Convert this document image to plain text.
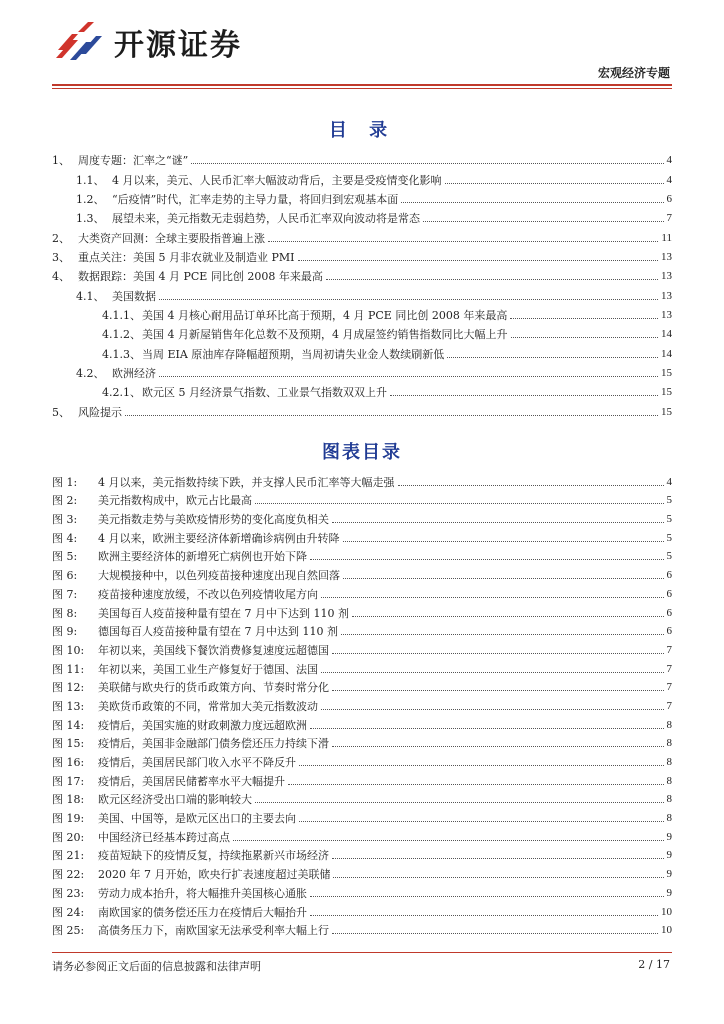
开源证券
宏观经济专题
目 录
1、 周度专题：汇率之“谜”	4
1.1、 4 月以来，美元、人民币汇率大幅波动背后，主要是受疫情变化影响	4
1.2、 “后疫情”时代，汇率走势的主导力量，将回归到宏观基本面	6
1.3、 展望未来，美元指数无走弱趋势，人民币汇率双向波动将是常态	7
2、 大类资产回测：全球主要股指普遍上涨	11
3、 重点关注：美国 5 月非农就业及制造业 PMI	13
4、 数据跟踪：美国 4 月 PCE 同比创 2008 年来最高	13
4.1、 美国数据	13
4.1.1、 美国 4 月核心耐用品订单环比高于预期，4 月 PCE 同比创 2008 年来最高	13
4.1.2、 美国 4 月新屋销售年化总数不及预期，4 月成屋签约销售指数同比大幅上升	14
4.1.3、 当周 EIA 原油库存降幅超预期，当周初请失业金人数续刷新低	14
4.2、 欧洲经济	15
4.2.1、 欧元区 5 月经济景气指数、工业景气指数双双上升	15
5、 风险提示	15
图表目录
图 1:	4 月以来，美元指数持续下跌，并支撑人民币汇率等大幅走强	4
图 2:	美元指数构成中，欧元占比最高	5
图 3:	美元指数走势与美欧疫情形势的变化高度负相关	5
图 4:	4 月以来，欧洲主要经济体新增确诊病例由升转降	5
图 5:	欧洲主要经济体的新增死亡病例也开始下降	5
图 6:	大规模接种中，以色列疫苗接种速度出现自然回落	6
图 7:	疫苗接种速度放缓，不改以色列疫情收尾方向	6
图 8:	美国每百人疫苗接种量有望在 7 月中下达到 110 剂	6
图 9:	德国每百人疫苗接种量有望在 7 月中达到 110 剂	6
图 10:	年初以来，美国线下餐饮消费修复速度远超德国	7
图 11:	年初以来，美国工业生产修复好于德国、法国	7
图 12:	美联储与欧央行的货币政策方向、节奏时常分化	7
图 13:	美欧货币政策的不同，常常加大美元指数波动	7
图 14:	疫情后，美国实施的财政刺激力度远超欧洲	8
图 15:	疫情后，美国非金融部门债务偿还压力持续下滑	8
图 16:	疫情后，美国居民部门收入水平不降反升	8
图 17:	疫情后，美国居民储蓄率水平大幅提升	8
图 18:	欧元区经济受出口端的影响较大	8
图 19:	美国、中国等，是欧元区出口的主要去向	8
图 20:	中国经济已经基本跨过高点	9
图 21:	疫苗短缺下的疫情反复，持续拖累新兴市场经济	9
图 22:	2020 年 7 月开始，欧央行扩表速度超过美联储	9
图 23:	劳动力成本抬升，将大幅推升美国核心通胀	9
图 24:	南欧国家的债务偿还压力在疫情后大幅抬升	10
图 25:	高债务压力下，南欧国家无法承受利率大幅上行	10
请务必参阅正文后面的信息披露和法律声明	2 / 17
